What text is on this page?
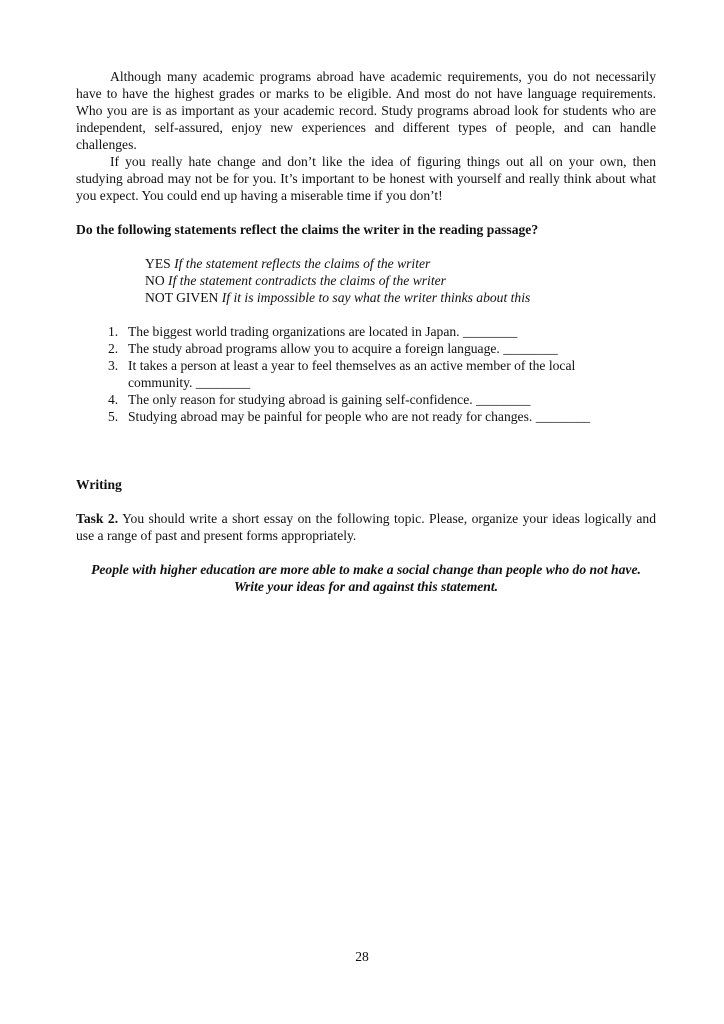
Although many academic programs abroad have academic requirements, you do not necessarily have to have the highest grades or marks to be eligible. And most do not have language requirements. Who you are is as important as your academic record. Study programs abroad look for students who are independent, self-assured, enjoy new experiences and different types of people, and can handle challenges.

If you really hate change and don’t like the idea of figuring things out all on your own, then studying abroad may not be for you. It’s important to be honest with yourself and really think about what you expect. You could end up having a miserable time if you don’t!

Do the following statements reflect the claims the writer in the reading passage?

YES If the statement reflects the claims of the writer
NO If the statement contradicts the claims of the writer
NOT GIVEN If it is impossible to say what the writer thinks about this
1. The biggest world trading organizations are located in Japan. ________
2. The study abroad programs allow you to acquire a foreign language. ________
3. It takes a person at least a year to feel themselves as an active member of the local community. ________
4. The only reason for studying abroad is gaining self-confidence. ________
5. Studying abroad may be painful for people who are not ready for changes. ________

Writing

Task 2. You should write a short essay on the following topic. Please, organize your ideas logically and use a range of past and present forms appropriately.

People with higher education are more able to make a social change than people who do not have. Write your ideas for and against this statement.

28
